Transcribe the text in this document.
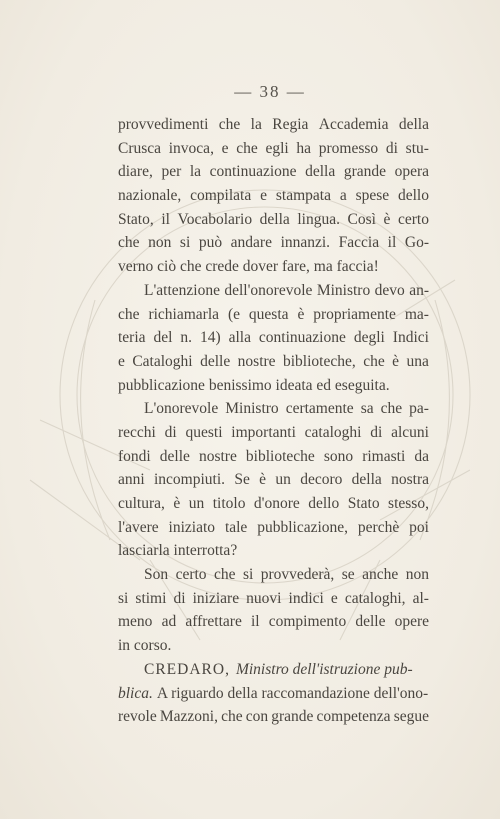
— 38 —
provvedimenti che la Regia Accademia della
Crusca invoca, e che egli ha promesso di stu-
diare, per la continuazione della grande opera
nazionale, compilata e stampata a spese dello
Stato, il Vocabolario della lingua. Così è certo
che non si può andare innanzi. Faccia il Go-
verno ciò che crede dover fare, ma faccia!
L'attenzione dell'onorevole Ministro devo an-
che richiamarla (e questa è propriamente ma-
teria del n. 14) alla continuazione degli Indici
e Cataloghi delle nostre biblioteche, che è una
pubblicazione benissimo ideata ed eseguita.
L'onorevole Ministro certamente sa che pa-
recchi di questi importanti cataloghi di alcuni
fondi delle nostre biblioteche sono rimasti da
anni incompiuti. Se è un decoro della nostra
cultura, è un titolo d'onore dello Stato stesso,
l'avere iniziato tale pubblicazione, perchè poi
lasciarla interrotta?
Son certo che si provvederà, se anche non
si stimi di iniziare nuovi indici e cataloghi, al-
meno ad affrettare il compimento delle opere
in corso.
CREDARO, Ministro dell'istruzione pub-
blica. A riguardo della raccomandazione dell'ono-
revole Mazzoni, che con grande competenza segue
